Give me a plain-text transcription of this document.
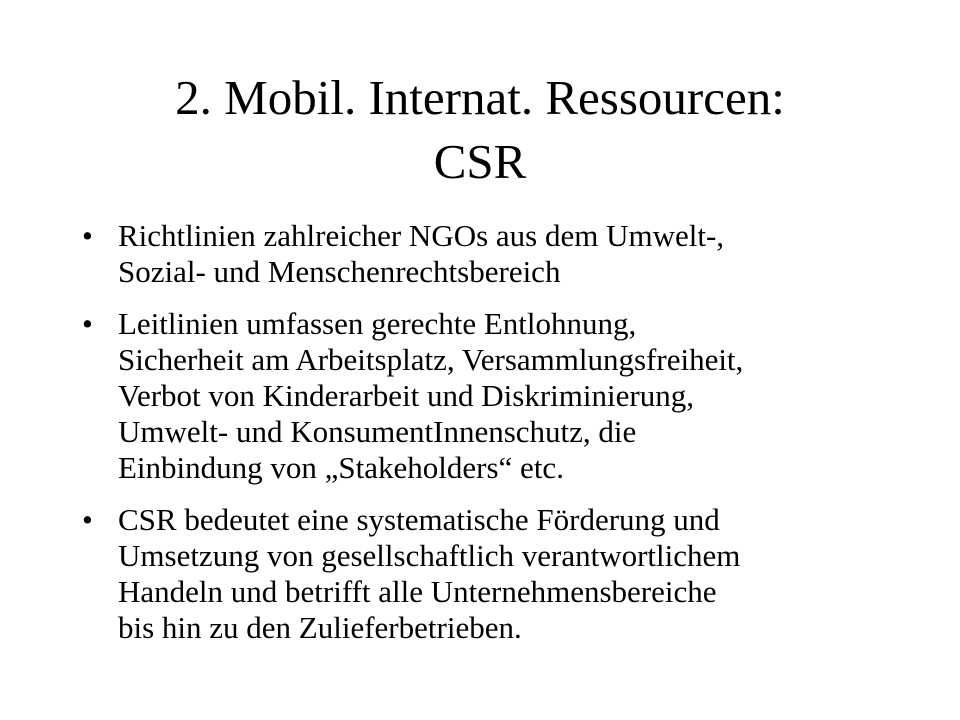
2. Mobil. Internat. Ressourcen:
CSR
• Richtlinien zahlreicher NGOs aus dem Umwelt-,
Sozial- und Menschenrechtsbereich
• Leitlinien umfassen gerechte Entlohnung,
Sicherheit am Arbeitsplatz, Versammlungsfreiheit,
Verbot von Kinderarbeit und Diskriminierung,
Umwelt- und KonsumentInnenschutz, die
Einbindung von „Stakeholders“ etc.
• CSR bedeutet eine systematische Förderung und
Umsetzung von gesellschaftlich verantwortlichem
Handeln und betrifft alle Unternehmensbereiche
bis hin zu den Zulieferbetrieben.
